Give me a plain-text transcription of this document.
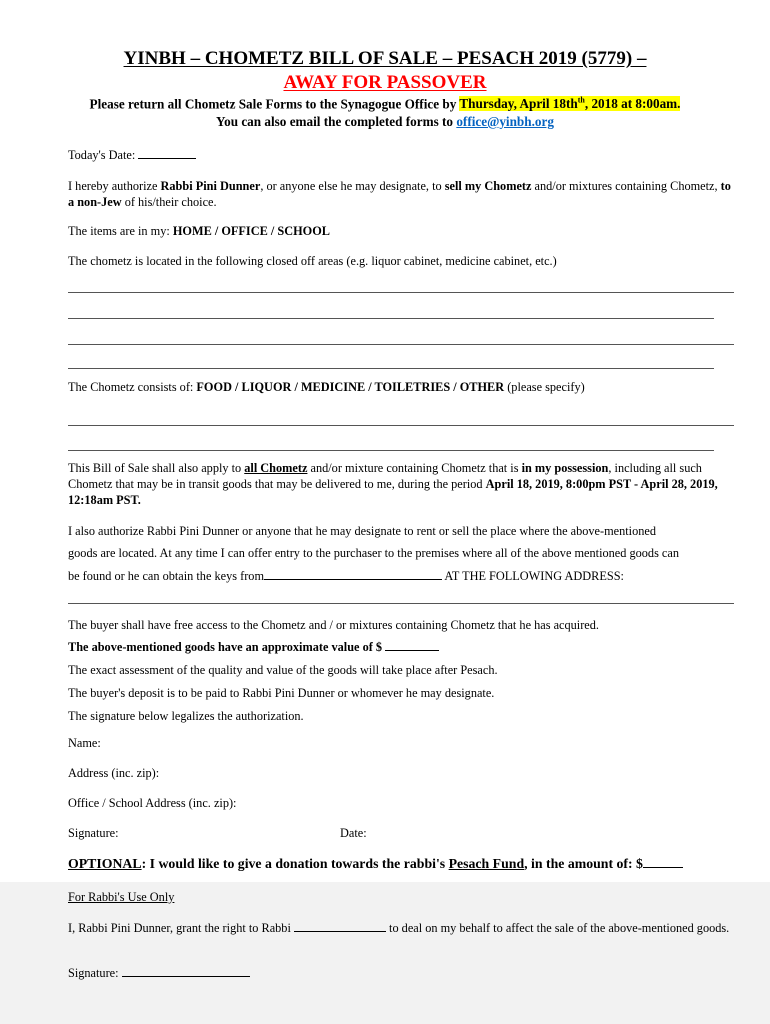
YINBH – CHOMETZ BILL OF SALE – PESACH 2019 (5779) –
AWAY FOR PASSOVER
Please return all Chometz Sale Forms to the Synagogue Office by Thursday, April $18th^{th}$, 2018 at 8:00am.
You can also email the completed forms to office@yinbh.org
Today's Date:
I hereby authorize Rabbi Pini Dunner, or anyone else he may designate, to sell my Chometz and/or mixtures containing Chometz, to a non-Jew of his/their choice.
The items are in my: HOME / OFFICE / SCHOOL
The chometz is located in the following closed off areas (e.g. liquor cabinet, medicine cabinet, etc.)
The Chometz consists of: FOOD / LIQUOR / MEDICINE / TOILETRIES / OTHER (please specify)
This Bill of Sale shall also apply to all Chometz and/or mixture containing Chometz that is in my possession, including all such Chometz that may be in transit goods that may be delivered to me, during the period April 18, 2019, 8:00pm PST - April 28, 2019, 12:18am PST.
I also authorize Rabbi Pini Dunner or anyone that he may designate to rent or sell the place where the above-mentioned
goods are located. At any time I can offer entry to the purchaser to the premises where all of the above mentioned goods can
be found or he can obtain the keys from	AT THE FOLLOWING ADDRESS:
The buyer shall have free access to the Chometz and / or mixtures containing Chometz that he has acquired.
The above-mentioned goods have an approximate value of $
The exact assessment of the quality and value of the goods will take place after Pesach.
The buyer's deposit is to be paid to Rabbi Pini Dunner or whomever he may designate.
The signature below legalizes the authorization.
Name:
Address (inc. zip):
Office / School Address (inc. zip):
Signature:	Date:
OPTIONAL: I would like to give a donation towards the rabbi's Pesach Fund, in the amount of: $
For Rabbi's Use Only
I, Rabbi Pini Dunner, grant the right to Rabbi	to deal on my behalf to affect the sale of the above-mentioned goods.
Signature:
